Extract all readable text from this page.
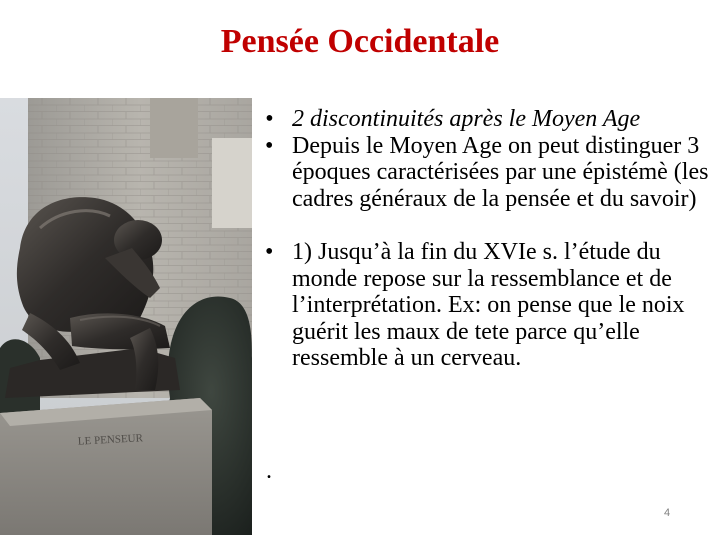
Pensée Occidentale
LE PENSEUR

• 2 discontinuités après le Moyen Age

• Depuis le Moyen Age on peut distinguer 3 époques caractérisées par une épistémè (les cadres généraux de la pensée et du savoir)

• 1) Jusqu’à la fin du XVIe s. l’étude du monde repose sur la ressemblance et de l’interprétation. Ex: on pense que le noix guérit les maux de tete parce qu’elle ressemble à un cerveau.

.
4
